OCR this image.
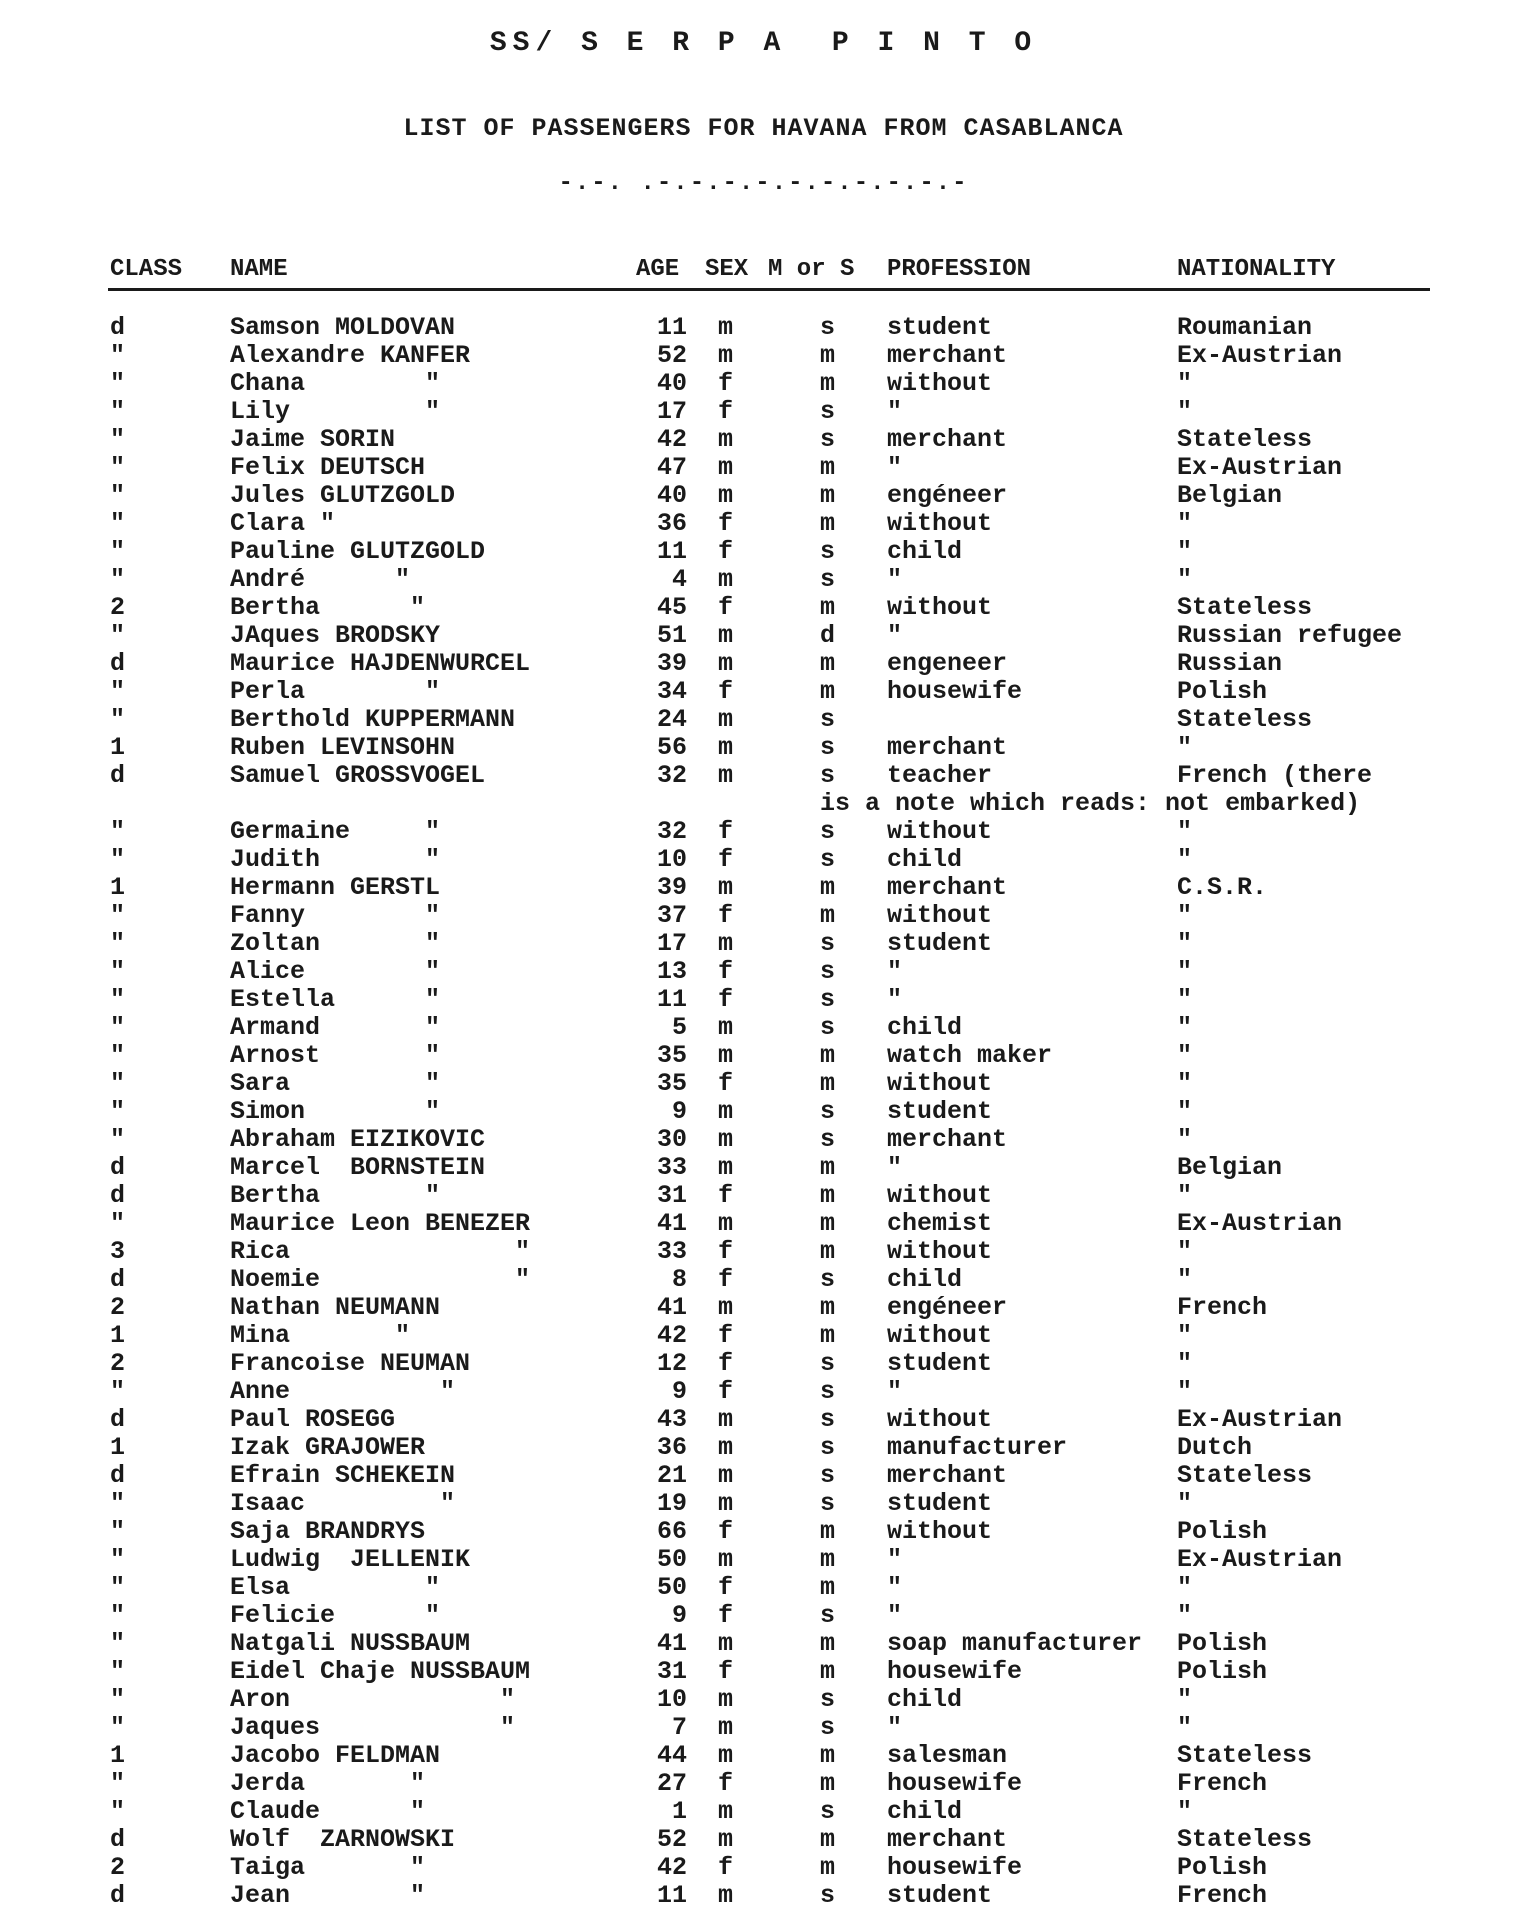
SS/ S E R P A  P I N T O
LIST OF PASSENGERS FOR HAVANA FROM CASABLANCA
-.-. .-.-.-.-.-.-.-.-.-.-
CLASS NAME	AGE SEX M or S PROFESSION	NATIONALITY
d	Samson MOLDOVAN	11 m	s student	Roumanian
"	Alexandre KANFER	52 m	m merchant	Ex-Austrian
"	Chana        "	40 f	m without	"
"	Lily         "	17 f	s "	"
"	Jaime SORIN	42 m	s merchant	Stateless
"	Felix DEUTSCH	47 m	m "	Ex-Austrian
"	Jules GLUTZGOLD	40 m	m engéneer	Belgian
"	Clara "	36 f	m without	"
"	Pauline GLUTZGOLD	11 f	s child	"
"	André      "	4 m	s "	"
2	Bertha      "	45 f	m without	Stateless
"	JAques BRODSKY	51 m	d "	Russian refugee
d	Maurice HAJDENWURCEL	39 m	m engeneer	Russian
"	Perla        "	34 f	m housewife	Polish
"	Berthold KUPPERMANN	24 m	s	Stateless
1	Ruben LEVINSOHN	56 m	s merchant	"
d	Samuel GROSSVOGEL	32 m	s teacher	French (there
is a note which reads: not embarked)
"	Germaine     "	32 f	s without	"
"	Judith       "	10 f	s child	"
1	Hermann GERSTL	39 m	m merchant	C.S.R.
"	Fanny        "	37 f	m without	"
"	Zoltan       "	17 m	s student	"
"	Alice        "	13 f	s "	"
"	Estella      "	11 f	s "	"
"	Armand       "	5 m	s child	"
"	Arnost       "	35 m	m watch maker	"
"	Sara         "	35 f	m without	"
"	Simon        "	9 m	s student	"
"	Abraham EIZIKOVIC	30 m	s merchant	"
d	Marcel  BORNSTEIN	33 m	m "	Belgian
d	Bertha       "	31 f	m without	"
"	Maurice Leon BENEZER	41 m	m chemist	Ex-Austrian
3	Rica               "	33 f	m without	"
d	Noemie             "	8 f	s child	"
2	Nathan NEUMANN	41 m	m engéneer	French
1	Mina       "	42 f	m without	"
2	Francoise NEUMAN	12 f	s student	"
"	Anne          "	9 f	s "	"
d	Paul ROSEGG	43 m	s without	Ex-Austrian
1	Izak GRAJOWER	36 m	s manufacturer	Dutch
d	Efrain SCHEKEIN	21 m	s merchant	Stateless
"	Isaac         "	19 m	s student	"
"	Saja BRANDRYS	66 f	m without	Polish
"	Ludwig  JELLENIK	50 m	m "	Ex-Austrian
"	Elsa         "	50 f	m "	"
"	Felicie      "	9 f	s "	"
"	Natgali NUSSBAUM	41 m	m soap manufacturer Polish
"	Eidel Chaje NUSSBAUM	31 f	m housewife	Polish
"	Aron              "	10 m	s child	"
"	Jaques            "	7 m	s "	"
1	Jacobo FELDMAN	44 m	m salesman	Stateless
"	Jerda       "	27 f	m housewife	French
"	Claude      "	1 m	s child	"
d	Wolf  ZARNOWSKI	52 m	m merchant	Stateless
2	Taiga       "	42 f	m housewife	Polish
d	Jean        "	11 m	s student	French
